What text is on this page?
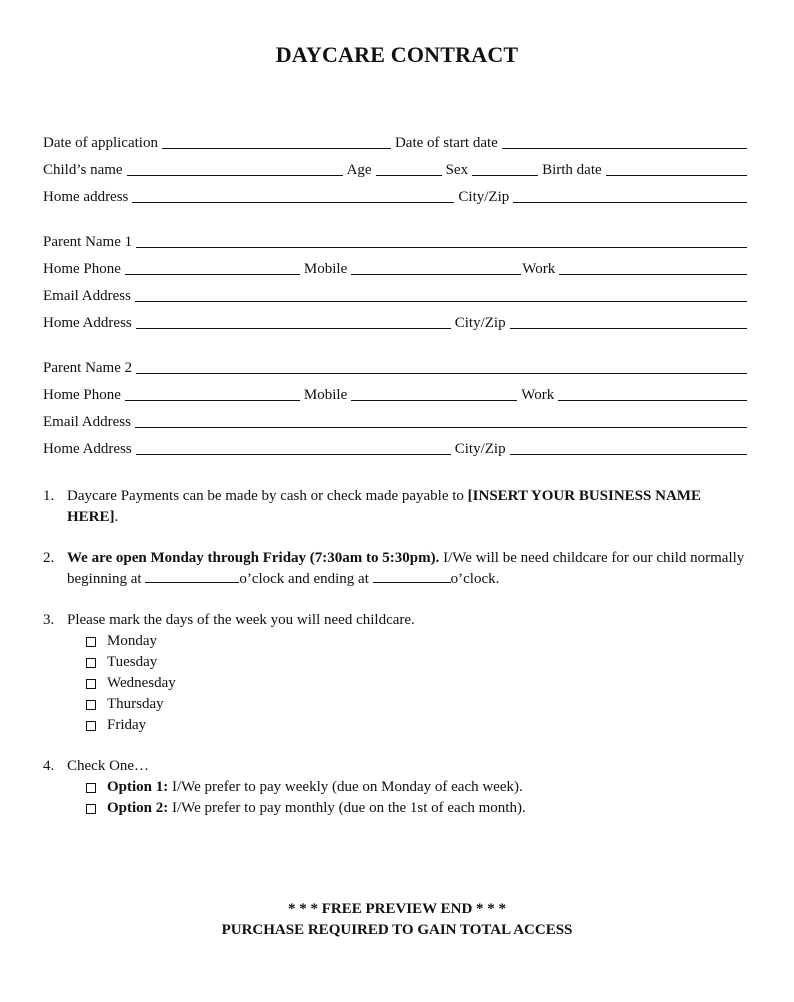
DAYCARE CONTRACT
Date of application	Date of start date
Child’s name	Age	Sex	Birth date
Home address	City/Zip
Parent Name 1
Home Phone	Mobile	Work
Email Address
Home Address	City/Zip
Parent Name 2
Home Phone	Mobile	Work
Email Address
Home Address	City/Zip
1. Daycare Payments can be made by cash or check made payable to [INSERT YOUR BUSINESS NAME HERE].
2. We are open Monday through Friday (7:30am to 5:30pm). I/We will be need childcare for our child normally beginning at	o’clock and ending at	o’clock.
3. Please mark the days of the week you will need childcare.
Monday
Tuesday
Wednesday
Thursday
Friday
4. Check One…
Option 1: I/We prefer to pay weekly (due on Monday of each week).
Option 2: I/We prefer to pay monthly (due on the 1st of each month).
* * * FREE PREVIEW END * * *
PURCHASE REQUIRED TO GAIN TOTAL ACCESS
